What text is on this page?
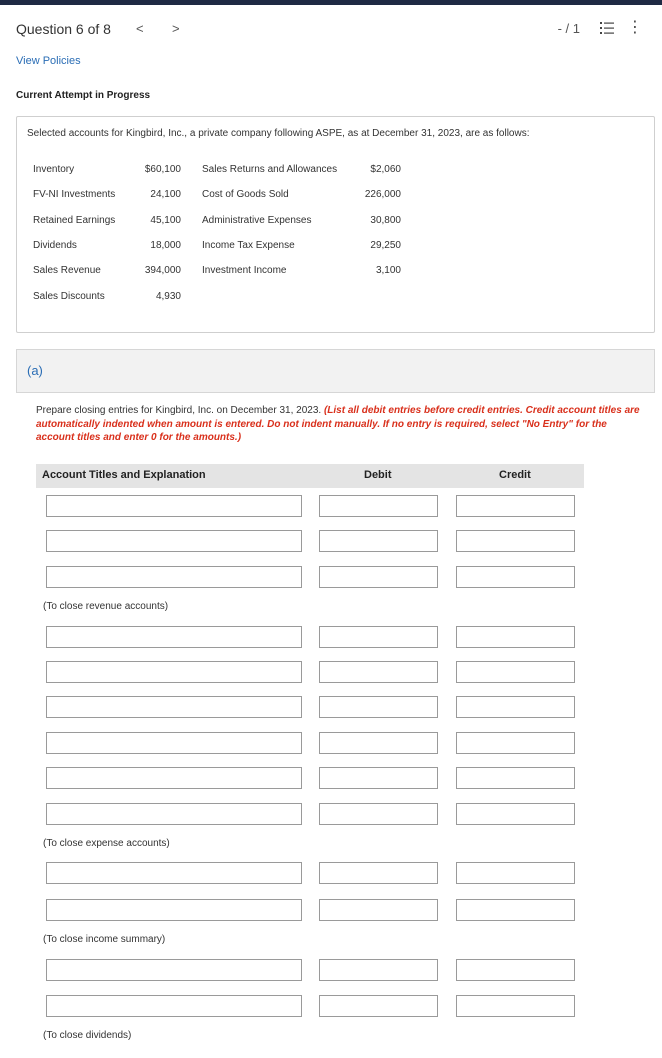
Question 6 of 8 < >	- / 1	⋮
View Policies
Current Attempt in Progress
Selected accounts for Kingbird, Inc., a private company following ASPE, as at December 31, 2023, are as follows:
Inventory	$60,100
FV-NI Investments	24,100
Retained Earnings	45,100
Dividends	18,000
Sales Revenue	394,000
Sales Discounts	4,930
Sales Returns and Allowances	$2,060
Cost of Goods Sold	226,000
Administrative Expenses	30,800
Income Tax Expense	29,250
Investment Income	3,100
(a)
Prepare closing entries for Kingbird, Inc. on December 31, 2023. (List all debit entries before credit entries. Credit account titles are automatically indented when amount is entered. Do not indent manually. If no entry is required, select "No Entry" for the account titles and enter 0 for the amounts.)
Account Titles and Explanation	Debit	Credit
(To close revenue accounts)
(To close expense accounts)
(To close income summary)
(To close dividends)
